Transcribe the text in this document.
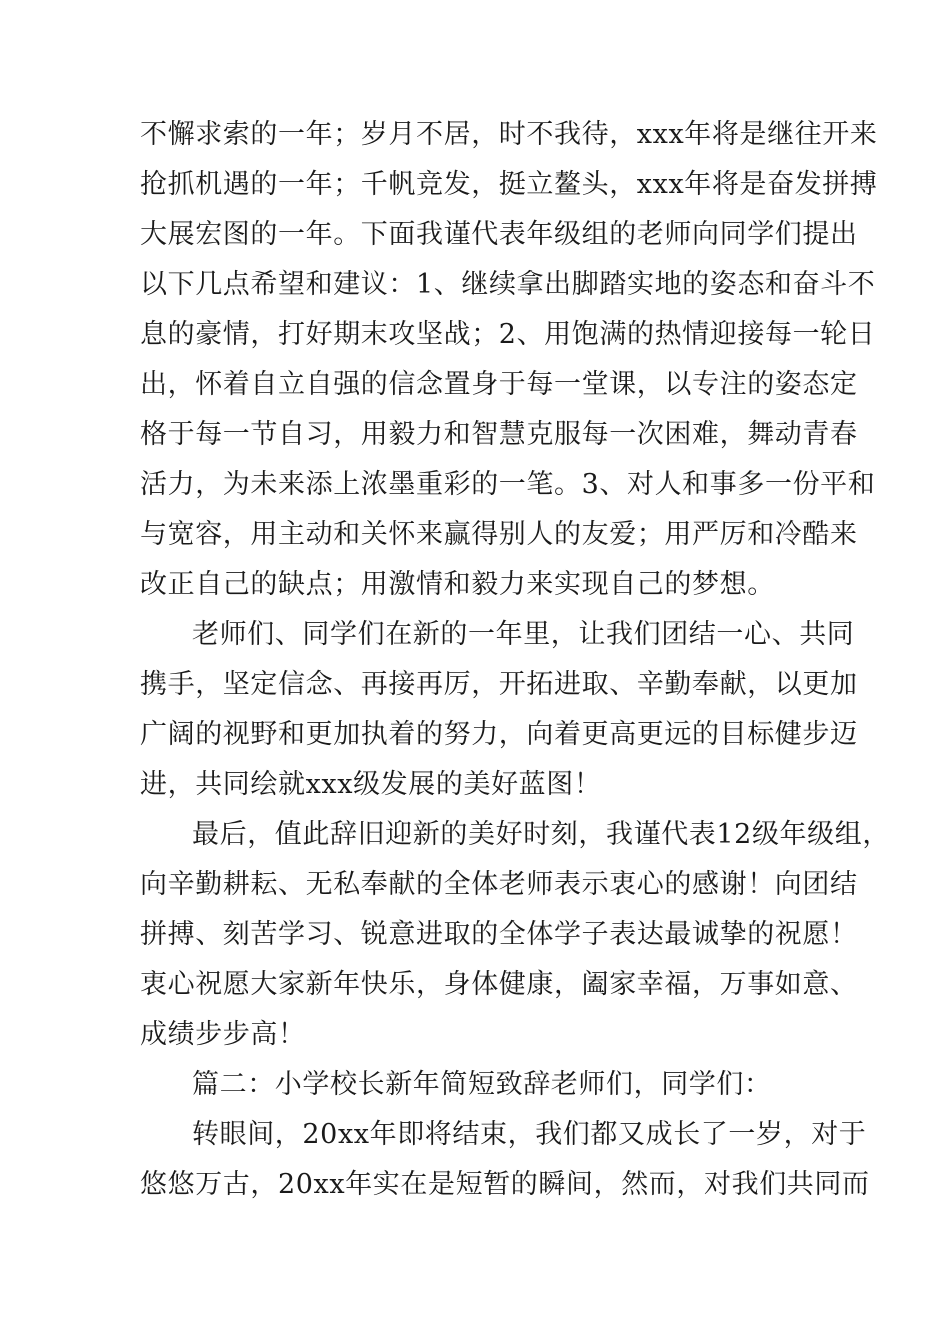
不懈求索的一年；岁月不居，时不我待，xxx年将是继往开来
抢抓机遇的一年；千帆竞发，挺立鳌头，xxx年将是奋发拼搏
大展宏图的一年。下面我谨代表年级组的老师向同学们提出
以下几点希望和建议：1、继续拿出脚踏实地的姿态和奋斗不
息的豪情，打好期末攻坚战；2、用饱满的热情迎接每一轮日
出，怀着自立自强的信念置身于每一堂课，以专注的姿态定
格于每一节自习，用毅力和智慧克服每一次困难，舞动青春
活力，为未来添上浓墨重彩的一笔。3、对人和事多一份平和
与宽容，用主动和关怀来赢得别人的友爱；用严厉和冷酷来
改正自己的缺点；用激情和毅力来实现自己的梦想。
老师们、同学们在新的一年里，让我们团结一心、共同
携手，坚定信念、再接再厉，开拓进取、辛勤奉献，以更加
广阔的视野和更加执着的努力，向着更高更远的目标健步迈
进，共同绘就xxx级发展的美好蓝图！
最后，值此辞旧迎新的美好时刻，我谨代表12级年级组，
向辛勤耕耘、无私奉献的全体老师表示衷心的感谢！向团结
拼搏、刻苦学习、锐意进取的全体学子表达最诚挚的祝愿！
衷心祝愿大家新年快乐，身体健康，阖家幸福，万事如意、
成绩步步高！
篇二：小学校长新年简短致辞老师们，同学们：
转眼间，20xx年即将结束，我们都又成长了一岁，对于
悠悠万古，20xx年实在是短暂的瞬间，然而，对我们共同而
